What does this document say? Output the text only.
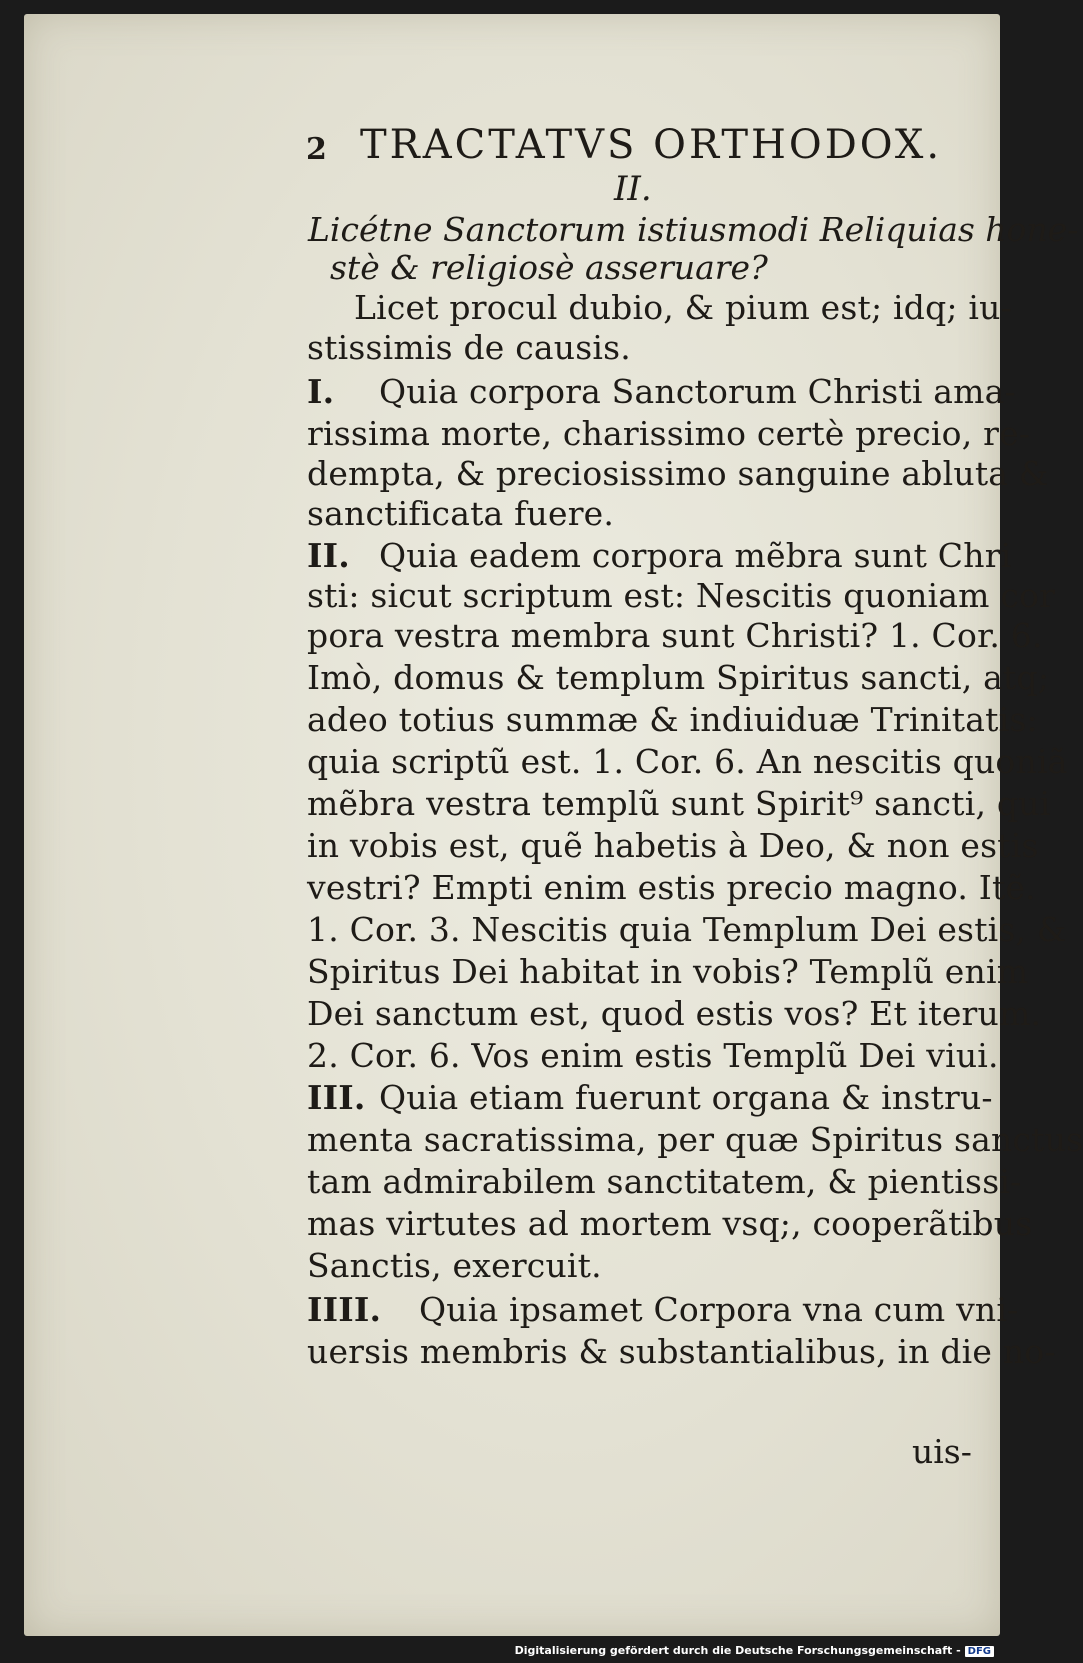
2 TRACTATVS ORTHODOX.
II.
Licétne Sanctorum istiusmodi Reliquias hone-
stè & religiosè asseruare?
Licet procul dubio, & pium est; idq; iu-
stissimis de causis.
I. Quia corpora Sanctorum Christi ama-
rissima morte, charissimo certè precio, re-
dempta, & preciosissimo sanguine abluta &
sanctificata fuere.
II. Quia eadem corpora mẽbra sunt Chri
sti: sicut scriptum est: Nescitis quoniam cor
pora vestra membra sunt Christi? 1. Cor. 6.
Imò, domus & templum Spiritus sancti, atq;
adeo totius summæ & indiuiduæ Trinitatis:
quia scriptũ est. 1. Cor. 6. An nescitis quoniã
mẽbra vestra templũ sunt Spirit⁹ sancti, qui
in vobis est, quẽ habetis à Deo, & non estis
vestri? Empti enim estis precio magno. Itẽ.
1. Cor. 3. Nescitis quia Templum Dei estis, &
Spiritus Dei habitat in vobis? Templũ enim
Dei sanctum est, quod estis vos? Et iterum.
2. Cor. 6. Vos enim estis Templũ Dei viui.
III. Quia etiam fuerunt organa & instru-
menta sacratissima, per quæ Spiritus sanctus
tam admirabilem sanctitatem, & pientissi-
mas virtutes ad mortem vsq;, cooperãtibus
Sanctis, exercuit.
IIII. Quia ipsamet Corpora vna cum vni-
uersis membris & substantialibus, in die no-
uis-
Digitalisierung gefördert durch die Deutsche Forschungsgemeinschaft - DFG
